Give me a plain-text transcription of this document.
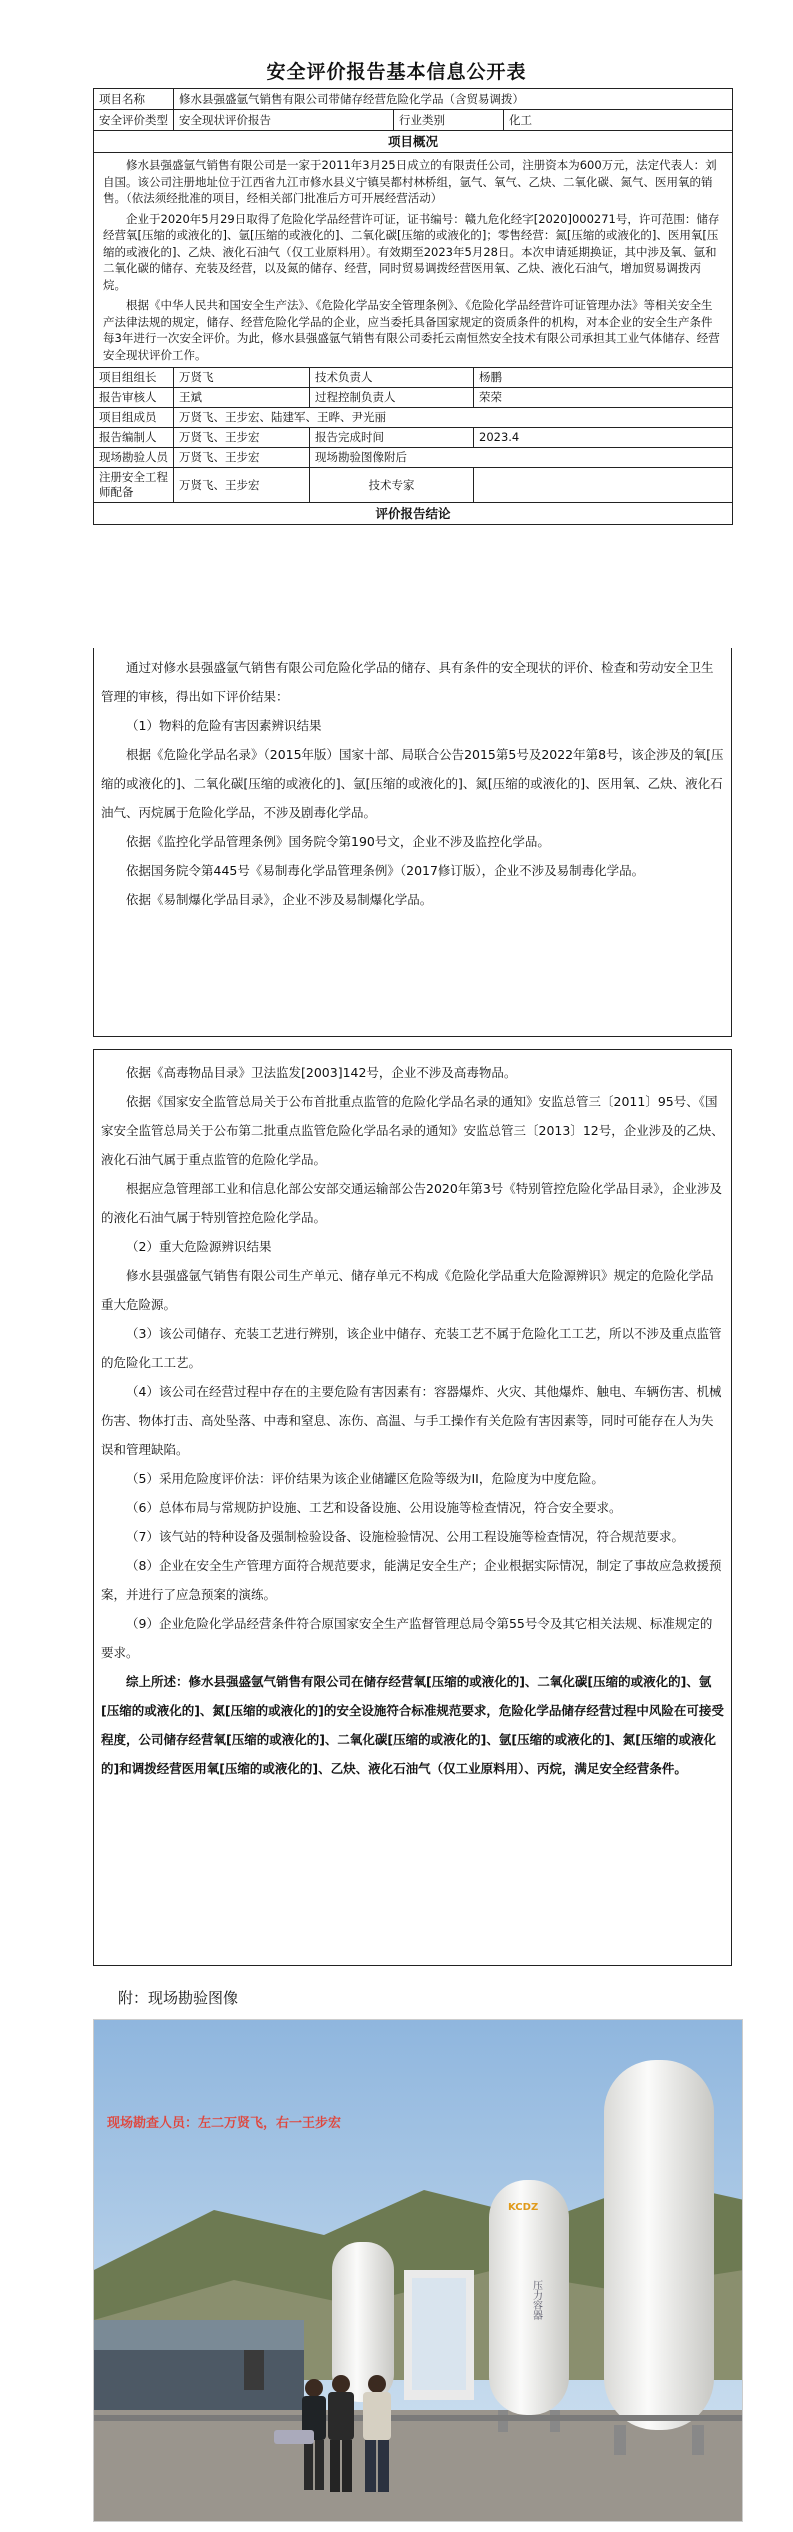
安全评价报告基本信息公开表
项目名称	修水县强盛氩气销售有限公司带储存经营危险化学品（含贸易调拨）				
安全评价类型	安全现状评价报告		行业类别		化工
项目概况					

修水县强盛氩气销售有限公司是一家于2011年3月25日成立的有限责任公司，注册资本为600万元，法定代表人：刘自国。该公司注册地址位于江西省九江市修水县义宁镇吴都村林桥组，氩气、氧气、乙炔、二氧化碳、氮气、医用氧的销售。（依法须经批准的项目，经相关部门批准后方可开展经营活动）

企业于2020年5月29日取得了危险化学品经营许可证，证书编号：赣九危化经字[2020]000271号，许可范围：储存经营氧[压缩的或液化的]、氩[压缩的或液化的]、二氧化碳[压缩的或液化的]；零售经营：氮[压缩的或液化的]、医用氧[压缩的或液化的]、乙炔、液化石油气（仅工业原料用）。有效期至2023年5月28日。本次申请延期换证，其中涉及氧、氩和二氧化碳的储存、充装及经营，以及氮的储存、经营，同时贸易调拨经营医用氧、乙炔、液化石油气，增加贸易调拨丙烷。

根据《中华人民共和国安全生产法》、《危险化学品安全管理条例》、《危险化学品经营许可证管理办法》等相关安全生产法律法规的规定，储存、经营危险化学品的企业，应当委托具备国家规定的资质条件的机构，对本企业的安全生产条件每3年进行一次安全评价。为此，修水县强盛氩气销售有限公司委托云南恒然安全技术有限公司承担其工业气体储存、经营安全现状评价工作。					

项目组组长	万贤飞	技术负责人		杨鹏	
报告审核人	王斌	过程控制负责人		荣荣	
项目组成员	万贤飞、王步宏、陆建军、王晔、尹光丽				
报告编制人	万贤飞、王步宏	报告完成时间		2023.4	
现场勘验人员	万贤飞、王步宏	现场勘验图像附后			
注册安全工程师配备	万贤飞、王步宏	技术专家			
评价报告结论					

通过对修水县强盛氩气销售有限公司危险化学品的储存、具有条件的安全现状的评价、检查和劳动安全卫生管理的审核，得出如下评价结果：

（1）物料的危险有害因素辨识结果

根据《危险化学品名录》（2015年版）国家十部、局联合公告2015第5号及2022年第8号，该企涉及的氧[压缩的或液化的]、二氧化碳[压缩的或液化的]、氩[压缩的或液化的]、氮[压缩的或液化的]、医用氧、乙炔、液化石油气、丙烷属于危险化学品，不涉及剧毒化学品。

依据《监控化学品管理条例》国务院令第190号文，企业不涉及监控化学品。

依据国务院令第445号《易制毒化学品管理条例》（2017修订版），企业不涉及易制毒化学品。

依据《易制爆化学品目录》，企业不涉及易制爆化学品。

依据《高毒物品目录》卫法监发[2003]142号，企业不涉及高毒物品。

依据《国家安全监管总局关于公布首批重点监管的危险化学品名录的通知》安监总管三〔2011〕95号、《国家安全监管总局关于公布第二批重点监管危险化学品名录的通知》安监总管三〔2013〕12号，企业涉及的乙炔、液化石油气属于重点监管的危险化学品。

根据应急管理部工业和信息化部公安部交通运输部公告2020年第3号《特别管控危险化学品目录》，企业涉及的液化石油气属于特别管控危险化学品。

（2）重大危险源辨识结果

修水县强盛氩气销售有限公司生产单元、储存单元不构成《危险化学品重大危险源辨识》规定的危险化学品重大危险源。

（3）该公司储存、充装工艺进行辨别，该企业中储存、充装工艺不属于危险化工工艺，所以不涉及重点监管的危险化工工艺。

（4）该公司在经营过程中存在的主要危险有害因素有：容器爆炸、火灾、其他爆炸、触电、车辆伤害、机械伤害、物体打击、高处坠落、中毒和窒息、冻伤、高温、与手工操作有关危险有害因素等，同时可能存在人为失误和管理缺陷。

（5）采用危险度评价法：评价结果为该企业储罐区危险等级为II，危险度为中度危险。

（6）总体布局与常规防护设施、工艺和设备设施、公用设施等检查情况，符合安全要求。

（7）该气站的特种设备及强制检验设备、设施检验情况、公用工程设施等检查情况，符合规范要求。

（8）企业在安全生产管理方面符合规范要求，能满足安全生产；企业根据实际情况，制定了事故应急救援预案，并进行了应急预案的演练。

（9）企业危险化学品经营条件符合原国家安全生产监督管理总局令第55号令及其它相关法规、标准规定的要求。

综上所述：修水县强盛氩气销售有限公司在储存经营氧[压缩的或液化的]、二氧化碳[压缩的或液化的]、氩[压缩的或液化的]、氮[压缩的或液化的]的安全设施符合标准规范要求，危险化学品储存经营过程中风险在可接受程度，公司储存经营氧[压缩的或液化的]、二氧化碳[压缩的或液化的]、氩[压缩的或液化的]、氮[压缩的或液化的]和调拨经营医用氧[压缩的或液化的]、乙炔、液化石油气（仅工业原料用）、丙烷，满足安全经营条件。

附：现场勘验图像
KCDZ
压力容器
现场勘查人员：左二万贤飞，右一王步宏
